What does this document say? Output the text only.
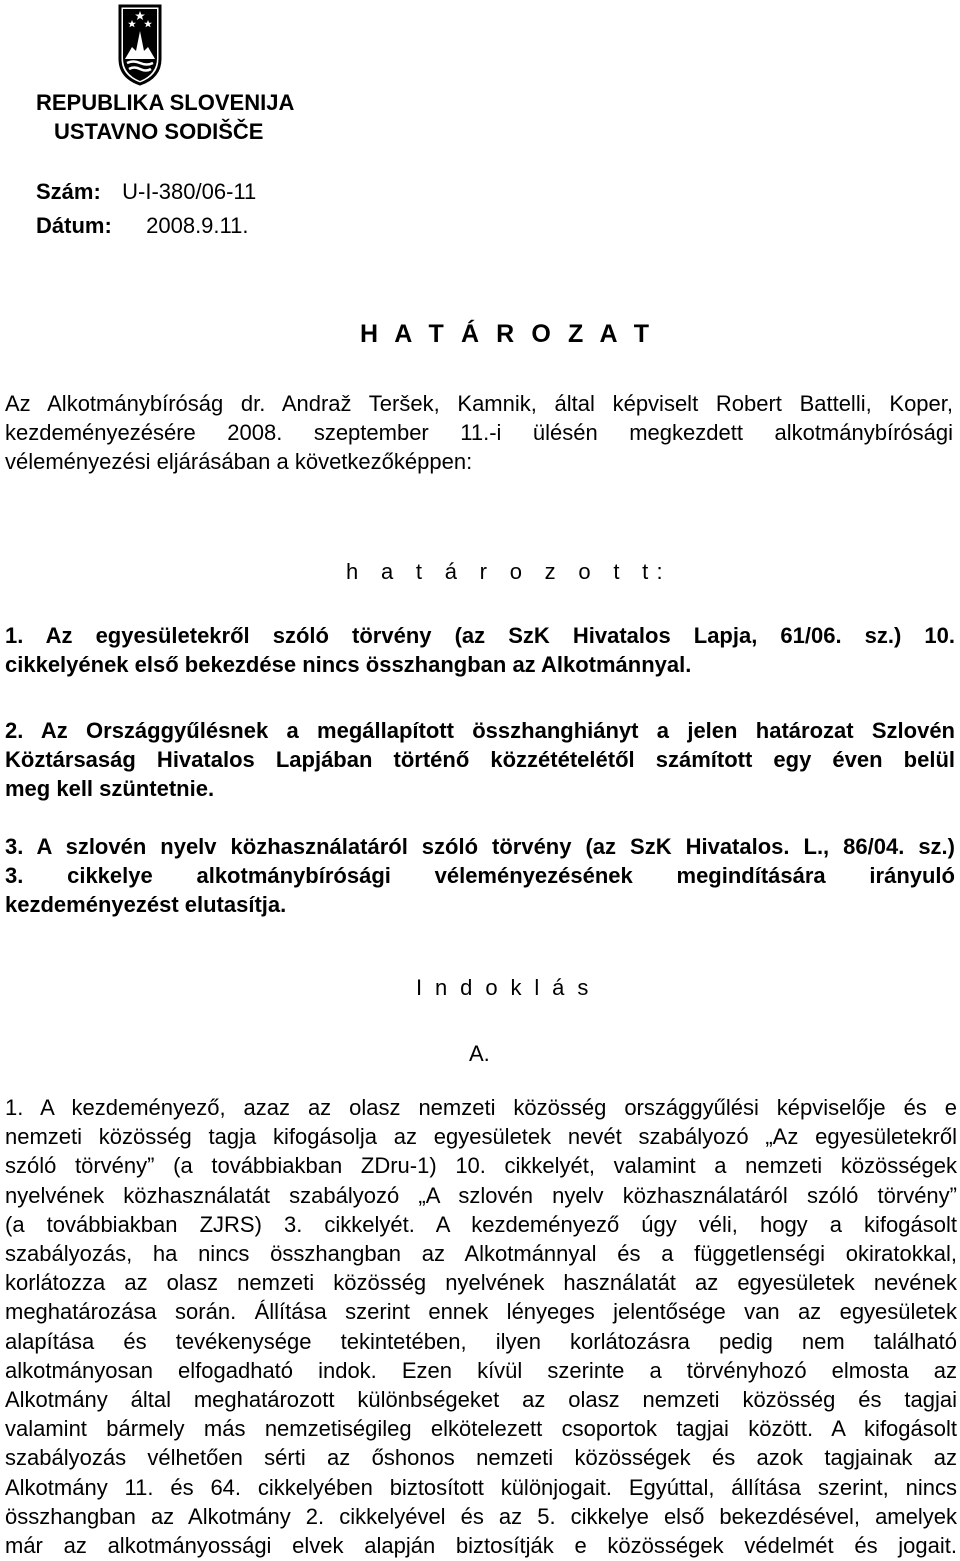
REPUBLIKA SLOVENIJA
USTAVNO SODIŠČE
Szám: U-I-380/06-11
Dátum: 2008.9.11.
H A T Á R O Z A T
Az Alkotmánybíróság dr. Andraž Teršek, Kamnik, által képviselt Robert Battelli, Koper,
kezdeményezésére 2008. szeptember 11.-i ülésén megkezdett alkotmánybírósági
véleményezési eljárásában a következőképpen:
h a t á r o z o t t:
1. Az egyesületekről szóló törvény (az SzK Hivatalos Lapja, 61/06. sz.) 10.
cikkelyének első bekezdése nincs összhangban az Alkotmánnyal.
2. Az Országgyűlésnek a megállapított összhanghiányt a jelen határozat Szlovén
Köztársaság Hivatalos Lapjában történő közzétételétől számított egy éven belül
meg kell szüntetnie.
3. A szlovén nyelv közhasználatáról szóló törvény (az SzK Hivatalos. L., 86/04. sz.)
3. cikkelye alkotmánybírósági véleményezésének megindítására irányuló
kezdeményezést elutasítja.
I n d o k l á s
A.
1. A kezdeményező, azaz az olasz nemzeti közösség országgyűlési képviselője és e
nemzeti közösség tagja kifogásolja az egyesületek nevét szabályozó „Az egyesületekről
szóló törvény” (a továbbiakban ZDru-1) 10. cikkelyét, valamint a nemzeti közösségek
nyelvének közhasználatát szabályozó „A szlovén nyelv közhasználatáról szóló törvény”
(a továbbiakban ZJRS) 3. cikkelyét. A kezdeményező úgy véli, hogy a kifogásolt
szabályozás, ha nincs összhangban az Alkotmánnyal és a függetlenségi okiratokkal,
korlátozza az olasz nemzeti közösség nyelvének használatát az egyesületek nevének
meghatározása során. Állítása szerint ennek lényeges jelentősége van az egyesületek
alapítása és tevékenysége tekintetében, ilyen korlátozásra pedig nem található
alkotmányosan elfogadható indok. Ezen kívül szerinte a törvényhozó elmosta az
Alkotmány által meghatározott különbségeket az olasz nemzeti közösség és tagjai
valamint bármely más nemzetiségileg elkötelezett csoportok tagjai között. A kifogásolt
szabályozás vélhetően sérti az őshonos nemzeti közösségek és azok tagjainak az
Alkotmány 11. és 64. cikkelyében biztosított különjogait. Egyúttal, állítása szerint, nincs
összhangban az Alkotmány 2. cikkelyével és az 5. cikkelye első bekezdésével, amelyek
már az alkotmányossági elvek alapján biztosítják e közösségek védelmét és jogait.
